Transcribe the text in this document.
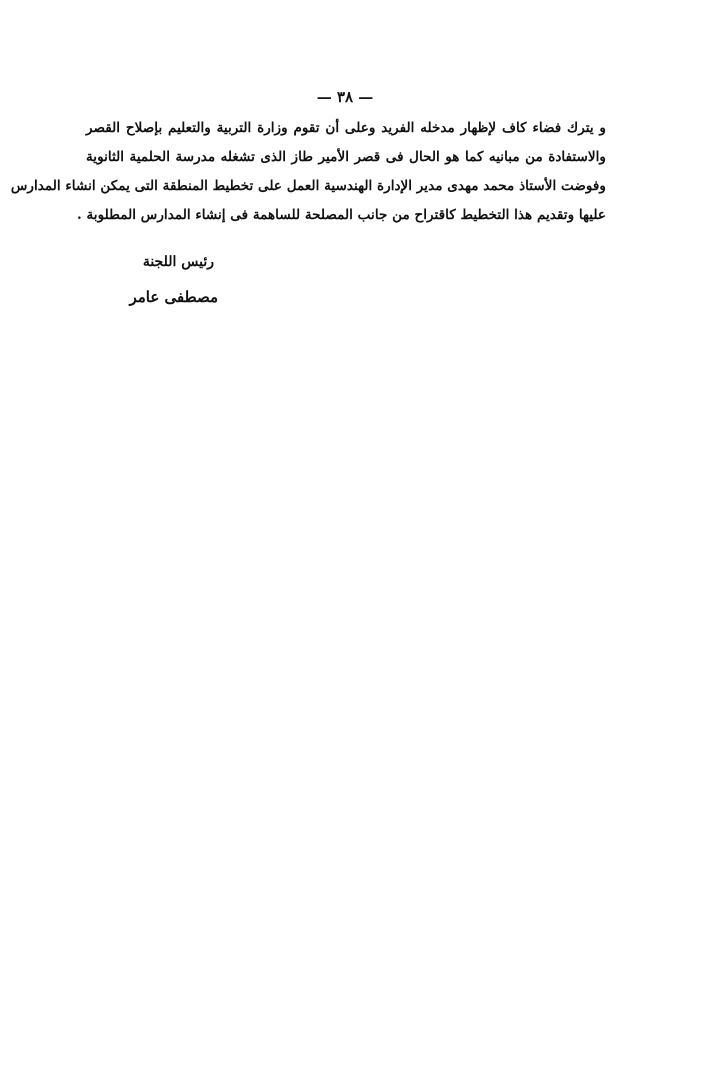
— ٣٨ —
و يترك فضاء كاف لإظهار مدخله الفريد وعلى أن تقوم وزارة التربية والتعليم بإصلاح القصر
والاستفادة من مبانيه كما هو الحال فى قصر الأمير طاز الذى تشغله مدرسة الحلمية الثانوية
وفوضت الأستاذ محمد مهدى مدير الإدارة الهندسية العمل على تخطيط المنطقة التى يمكن انشاء المدارس
عليها وتقديم هذا التخطيط كاقتراح من جانب المصلحة للساهمة فى إنشاء المدارس المطلوبة .
رئيس اللجنة
مصطفى عامر
